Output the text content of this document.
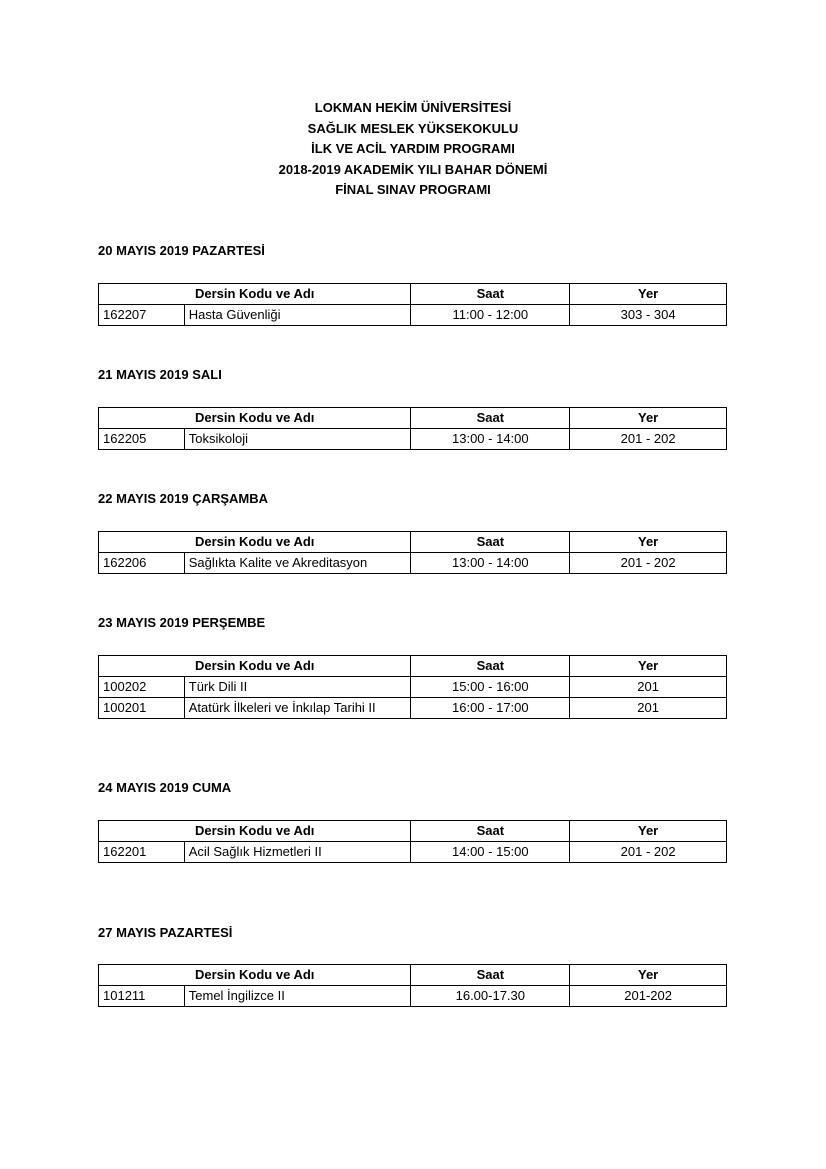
LOKMAN HEKİM ÜNİVERSİTESİ
SAĞLIK MESLEK YÜKSEKOKULU
İLK VE ACİL YARDIM PROGRAMI
2018-2019 AKADEMİK YILI BAHAR DÖNEMİ
FİNAL SINAV PROGRAMI
20 MAYIS 2019 PAZARTESİ
Dersin Kodu ve Adı		Saat	Yer
162207	Hasta Güvenliği	11:00 - 12:00	303 - 304
21 MAYIS 2019 SALI
Dersin Kodu ve Adı		Saat	Yer
162205	Toksikoloji	13:00 - 14:00	201 - 202
22 MAYIS 2019 ÇARŞAMBA
Dersin Kodu ve Adı		Saat	Yer
162206	Sağlıkta Kalite ve Akreditasyon	13:00 - 14:00	201 - 202
23 MAYIS 2019 PERŞEMBE
Dersin Kodu ve Adı		Saat	Yer
100202	Türk Dili II	15:00 - 16:00	201
100201	Atatürk İlkeleri ve İnkılap Tarihi II	16:00 - 17:00	201
24 MAYIS 2019 CUMA
Dersin Kodu ve Adı		Saat	Yer
162201	Acil Sağlık Hizmetleri II	14:00 - 15:00	201 - 202
27 MAYIS PAZARTESİ
Dersin Kodu ve Adı		Saat	Yer
101211	Temel İngilizce II	16.00-17.30	201-202
